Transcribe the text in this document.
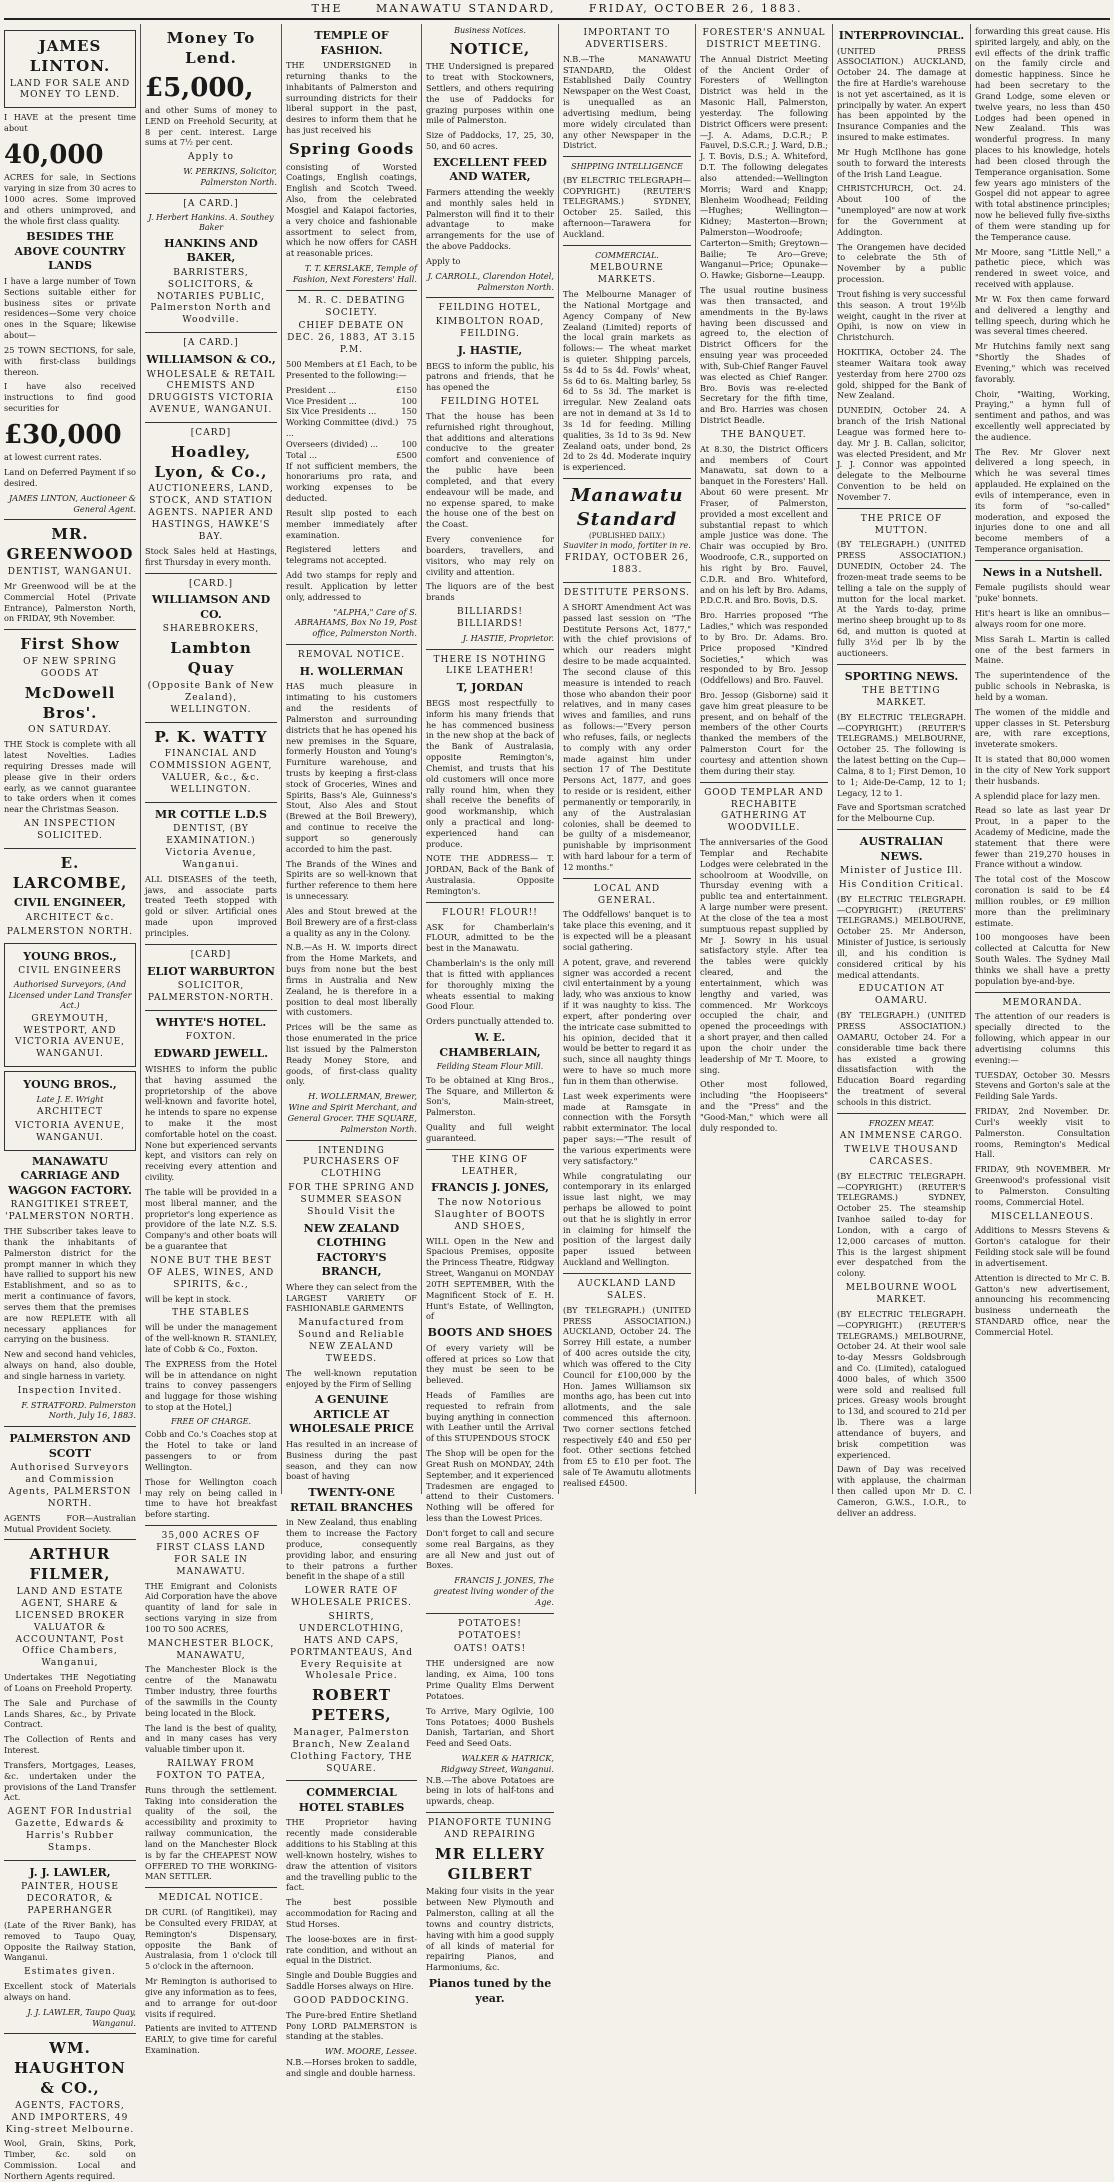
THE	MANAWATU STANDARD,	FRIDAY, OCTOBER 26, 1883.
JAMES LINTON.
LAND FOR SALE AND MONEY TO LEND.
I HAVE at the present time about
40,000
ACRES for sale, in Sections varying in size from 30 acres to 1000 acres. Some improved and others unimproved, and the whole first class quality.
BESIDES THE ABOVE COUNTRY LANDS
I have a large number of Town Sections suitable either for business sites or private residences—Some very choice ones in the Square; likewise about—
25 TOWN SECTIONS, for sale, with first-class buildings thereon.
I have also received instructions to find good securities for
£30,000
at lowest current rates.
Land on Deferred Payment if so desired.
JAMES LINTON, Auctioneer & General Agent.
MR. GREENWOOD
DENTIST, WANGANUI.
Mr Greenwood will be at the Commercial Hotel (Private Entrance), Palmerston North, on FRIDAY, 9th November.
First Show
OF NEW SPRING GOODS AT
McDowell Bros'.
ON SATURDAY.
THE Stock is complete with all latest Novelties. Ladies requiring Dresses made will please give in their orders early, as we cannot guarantee to take orders when it comes near the Christmas Season.
AN INSPECTION SOLICITED.
E. LARCOMBE,
CIVIL ENGINEER,
ARCHITECT &c.
PALMERSTON NORTH.
YOUNG BROS.,
CIVIL ENGINEERS
Authorised Surveyors, (And Licensed under Land Transfer Act.)
GREYMOUTH, WESTPORT, AND VICTORIA AVENUE, WANGANUI.
YOUNG BROS.,
Late J. E. Wright
ARCHITECT
VICTORIA AVENUE, WANGANUI.
MANAWATU CARRIAGE AND WAGGON FACTORY.
RANGITIKEI STREET, 'PALMERSTON NORTH.
THE Subscriber takes leave to thank the inhabitants of Palmerston district for the prompt manner in which they have rallied to support his new Establishment, and so as to merit a continuance of favors, serves them that the premises are now REPLETE with all necessary appliances for carrying on the business.
New and second hand vehicles, always on hand, also double, and single harness in variety.
Inspection Invited.
F. STRATFORD. Palmerston North, July 16, 1883.
PALMERSTON AND SCOTT
Authorised Surveyors and Commission Agents, PALMERSTON NORTH.
AGENTS FOR—Australian Mutual Provident Society.
ARTHUR FILMER,
LAND AND ESTATE AGENT, SHARE & LICENSED BROKER VALUATOR & ACCOUNTANT, Post Office Chambers, Wanganui,
Undertakes THE Negotiating of Loans on Freehold Property.
The Sale and Purchase of Lands Shares, &c., by Private Contract.
The Collection of Rents and Interest.
Transfers, Mortgages, Leases, &c. undertaken under the provisions of the Land Transfer Act.
AGENT FOR Industrial Gazette, Edwards & Harris's Rubber Stamps.
J. J. LAWLER,
PAINTER, HOUSE DECORATOR, & PAPERHANGER
(Late of the River Bank), has removed to Taupo Quay, Opposite the Railway Station, Wanganui.
Estimates given.
Excellent stock of Materials always on hand.
J. J. LAWLER, Taupo Quay, Wanganui.
WM. HAUGHTON & CO.,
AGENTS, FACTORS, AND IMPORTERS, 49 King-street Melbourne.
Wool, Grain, Skins, Pork, Timber, &c. sold on Commission. Local and Northern Agents required.
Money To Lend.
£5,000,
and other Sums of money to LEND on Freehold Security, at 8 per cent. interest. Large sums at 7½ per cent.
Apply to
W. PERKINS, Solicitor, Palmerston North.
[A CARD.]
J. Herbert Hankins. A. Southey Baker
HANKINS AND BAKER,
BARRISTERS, SOLICITORS, & NOTARIES PUBLIC, Palmerston North and Woodville.
[A CARD.]
WILLIAMSON & CO.,
WHOLESALE & RETAIL CHEMISTS AND DRUGGISTS VICTORIA AVENUE, WANGANUI.
[CARD]
Hoadley, Lyon, & Co.,
AUCTIONEERS, LAND, STOCK, AND STATION AGENTS. NAPIER AND HASTINGS, HAWKE'S BAY.
Stock Sales held at Hastings, first Thursday in every month.
[CARD.]
WILLIAMSON AND CO.
SHAREBROKERS,
Lambton Quay
(Opposite Bank of New Zealand), WELLINGTON.
P. K. WATTY
FINANCIAL AND COMMISSION AGENT, VALUER, &c., &c. WELLINGTON.
MR COTTLE L.D.S
DENTIST, (BY EXAMINATION.) Victoria Avenue, Wanganui.
ALL DISEASES of the teeth, jaws, and associate parts treated Teeth stopped with gold or silver. Artificial ones made upon improved principles.
[CARD]
ELIOT WARBURTON
SOLICITOR, PALMERSTON-NORTH.
WHYTE'S HOTEL.
FOXTON.
EDWARD JEWELL.
WISHES to inform the public that having assumed the proprietorship of the above well-known and favorite hotel, he intends to spare no expense to make it the most comfortable hotel on the coast. None but experienced servants kept, and visitors can rely on receiving every attention and civility.
The table will be provided in a most liberal manner, and the proprietor's long experience as providore of the late N.Z. S.S. Company's and other boats will be a guarantee that
NONE BUT THE BEST OF ALES, WINES, AND SPIRITS, &c.,
will be kept in stock.
THE STABLES
will be under the management of the well-known R. STANLEY, late of Cobb & Co., Foxton.
The EXPRESS from the Hotel will be in attendance on night trains to convey passengers and luggage for those wishing to stop at the Hotel,]
FREE OF CHARGE.
Cobb and Co.'s Coaches stop at the Hotel to take or land passengers to or from Wellington.
Those for Wellington coach may rely on being called in time to have hot breakfast before starting.
35,000 ACRES OF FIRST CLASS LAND FOR SALE IN MANAWATU.
THE Emigrant and Colonists Aid Corporation have the above quantity of land for sale in sections varying in size from 100 TO 500 ACRES,
MANCHESTER BLOCK, MANAWATU,
The Manchester Block is the centre of the Manawatu Timber industry, three fourths of the sawmills in the County being located in the Block.
The land is the best of quality, and in many cases has very valuable timber upon it.
RAILWAY FROM FOXTON TO PATEA,
Runs through the settlement. Taking into consideration the quality of the soil, the accessibility and proximity to railway communication, the land on the Manchester Block is by far the CHEAPEST NOW OFFERED TO THE WORKING-MAN SETTLER.
MEDICAL NOTICE.
DR CURL (of Rangitikei), may be Consulted every FRIDAY, at Remington's Dispensary, opposite the Bank of Australasia, from 1 o'clock till 5 o'clock in the afternoon.
Mr Remington is authorised to give any information as to fees, and to arrange for out-door visits if required.
Patients are invited to ATTEND EARLY, to give time for careful Examination.
TEMPLE OF FASHION.
THE UNDERSIGNED in returning thanks to the inhabitants of Palmerston and surrounding districts for their liberal support in the past, desires to inform them that he has just received his
Spring Goods
consisting of Worsted Coatings, English coatings, English and Scotch Tweed. Also, from the celebrated Mosgiel and Kaiapoi factories, a very choice and fashionable assortment to select from, which he now offers for CASH at reasonable prices.
T. T. KERSLAKE, Temple of Fashion, Next Foresters' Hall.
M. R. C. DEBATING SOCIETY.
CHIEF DEBATE ON DEC. 26, 1883, AT 3.15 P.M.
500 Members at £1 Each, to be Presented to the following:—
President ...	£150
Vice President ...	100
Six Vice Presidents ...	150
Working Committee (divd.) ...
75
Overseers (divided) ...	100
Total ...	£500
If not sufficient members, the honorariums pro rata, and working expenses to be deducted.
Result slip posted to each member immediately after examination.
Registered letters and telegrams not accepted.
Add two stamps for reply and result. Application by letter only, addressed to
"ALPHA," Care of S. ABRAHAMS, Box No 19, Post office, Palmerston North.
REMOVAL NOTICE.
H. WOLLERMAN
HAS much pleasure in intimating to his customers and the residents of Palmerston and surrounding districts that he has opened his new premises in the Square, formerly Houston and Young's Furniture warehouse, and trusts by keeping a first-class stock of Groceries, Wines and Spirits, Bass's Ale, Guinness's Stout, Also Ales and Stout (Brewed at the Boil Brewery), and continue to receive the support so generously accorded to him the past.
The Brands of the Wines and Spirits are so well-known that further reference to them here is unnecessary.
Ales and Stout brewed at the Boil Brewery are of a first-class a quality as any in the Colony.
N.B.—As H. W. imports direct from the Home Markets, and buys from none but the best firms in Australia and New Zealand, he is therefore in a position to deal most liberally with customers.
Prices will be the same as those enumerated in the price list issued by the Palmerston Ready Money Store, and goods, of first-class quality only.
H. WOLLERMAN, Brewer, Wine and Spirit Merchant, and General Grocer. THE SQUARE, Palmerston North.
INTENDING PURCHASERS OF CLOTHING
FOR THE SPRING AND SUMMER SEASON Should Visit the
NEW ZEALAND CLOTHING FACTORY'S BRANCH,
Where they can select from the LARGEST VARIETY OF FASHIONABLE GARMENTS
Manufactured from Sound and Reliable NEW ZEALAND TWEEDS.
The well-known reputation enjoyed by the Firm of Selling
A GENUINE ARTICLE AT WHOLESALE PRICE
Has resulted in an increase of Business during the past season, and they can now boast of having
TWENTY-ONE RETAIL BRANCHES
in New Zealand, thus enabling them to increase the Factory produce, consequently providing labor, and ensuring to their patrons a further benefit in the shape of a still
LOWER RATE OF WHOLESALE PRICES.
SHIRTS, UNDERCLOTHING, HATS AND CAPS, PORTMANTEAUS, And Every Requisite at Wholesale Price.
ROBERT PETERS,
Manager, Palmerston Branch, New Zealand Clothing Factory, THE SQUARE.
COMMERCIAL HOTEL STABLES
THE Proprietor having recently made considerable additions to his Stabling at this well-known hostelry, wishes to draw the attention of visitors and the travelling public to the fact.
The best possible accommodation for Racing and Stud Horses.
The loose-boxes are in first-rate condition, and without an equal in the District.
Single and Double Buggies and Saddle Horses always on Hire.
GOOD PADDOCKING.
The Pure-bred Entire Shetland Pony LORD PALMERSTON is standing at the stables.
WM. MOORE, Lessee.
N.B.—Horses broken to saddle, and single and double harness.
Business Notices.
NOTICE,
THE Undersigned is prepared to treat with Stockowners, Settlers, and others requiring the use of Paddocks for grazing purposes within one mile of Palmerston.
Size of Paddocks, 17, 25, 30, 50, and 60 acres.
EXCELLENT FEED AND WATER,
Farmers attending the weekly and monthly sales held in Palmerston will find it to their advantage to make arrangements for the use of the above Paddocks.
Apply to
J. CARROLL, Clarendon Hotel, Palmerston North.
FEILDING HOTEL,
KIMBOLTON ROAD, FEILDING.
J. HASTIE,
BEGS to inform the public, his patrons and friends, that he has opened the
FEILDING HOTEL
That the house has been refurnished right throughout, that additions and alterations conducive to the greater comfort and convenience of the public have been completed, and that every endeavour will be made, and no expense spared, to make the house one of the best on the Coast.
Every convenience for boarders, travellers, and visitors, who may rely on civility and attention.
The liquors are of the best brands
BILLIARDS! BILLIARDS!
J. HASTIE, Proprietor.
THERE IS NOTHING LIKE LEATHER!
T, JORDAN
BEGS most respectfully to inform his many friends that he has commenced business in the new shop at the back of the Bank of Australasia, opposite Remington's, Chemist, and trusts that his old customers will once more rally round him, when they shall receive the benefits of good workmanship, which only a practical and long-experienced hand can produce.
NOTE THE ADDRESS— T. JORDAN, Back of the Bank of Australasia. Opposite Remington's.
FLOUR! FLOUR!!
ASK for Chamberlain's FLOUR, admitted to be the best in the Manawatu.
Chamberlain's is the only mill that is fitted with appliances for thoroughly mixing the wheats essential to making Good Flour.
Orders punctually attended to.
W. E. CHAMBERLAIN,
Feilding Steam Flour Mill.
To be obtained at King Bros., The Square, and Millerton & Son's, Main-street, Palmerston.
Quality and full weight guaranteed.
THE KING OF LEATHER,
FRANCIS J. JONES,
The now Notorious Slaughter of BOOTS AND SHOES,
WILL Open in the New and Spacious Premises, opposite the Princess Theatre, Ridgway Street, Wanganui on MONDAY 20TH SEPTEMBER, With the Magnificent Stock of E. H. Hunt's Estate, of Wellington, of
BOOTS AND SHOES
Of every variety will be offered at prices so Low that they must be seen to be believed.
Heads of Families are requested to refrain from buying anything in connection with Leather until the Arrival of this STUPENDOUS STOCK
The Shop will be open for the Great Rush on MONDAY, 24th September, and it experienced Tradesmen are engaged to attend to their Customers. Nothing will be offered for less than the Lowest Prices.
Don't forget to call and secure some real Bargains, as they are all New and just out of Boxes.
FRANCIS J. JONES, The greatest living wonder of the Age.
POTATOES! POTATOES!
OATS! OATS!
THE undersigned are now landing, ex Aima, 100 tons Prime Quality Elms Derwent Potatoes.
To Arrive, Mary Ogilvie, 100 Tons Potatoes; 4000 Bushels Danish, Tartarian, and Short Feed and Seed Oats.
WALKER & HATRICK, Ridgway Street, Wanganui.
N.B.—The above Potatoes are being in lots of half-tons and upwards, cheap.
PIANOFORTE TUNING AND REPAIRING
MR ELLERY GILBERT
Making four visits in the year between New Plymouth and Palmerston, calling at all the towns and country districts, having with him a good supply of all kinds of material for repairing Pianos, and Harmoniums, &c.
Pianos tuned by the year.
IMPORTANT TO ADVERTISERS.
N.B.—The MANAWATU STANDARD, the Oldest Established Daily Country Newspaper on the West Coast, is unequalled as an advertising medium, being more widely circulated than any other Newspaper in the District.
SHIPPING INTELLIGENCE
(BY ELECTRIC TELEGRAPH—COPYRIGHT.) (REUTER'S TELEGRAMS.) SYDNEY, October 25. Sailed, this afternoon—Tarawera for Auckland.
COMMERCIAL.
MELBOURNE MARKETS.
The Melbourne Manager of the National Mortgage and Agency Company of New Zealand (Limited) reports of the local grain markets as follows:— The wheat market is quieter. Shipping parcels, 5s 4d to 5s 4d. Fowls' wheat, 5s 6d to 6s. Malting barley, 5s 6d to 5s 3d. The market is irregular. New Zealand oats are not in demand at 3s 1d to 3s 1d for feeding. Milling qualities, 3s 1d to 3s 9d. New Zealand oats, under bond, 2s 2d to 2s 4d. Moderate inquiry is experienced.
Manawatu Standard
(PUBLISHED DAILY.)
Suaviter in modo, fortiter in re.
FRIDAY, OCTOBER 26, 1883.
DESTITUTE PERSONS.
A SHORT Amendment Act was passed last session on "The Destitute Persons Act, 1877," with the chief provisions of which our readers might desire to be made acquainted. The second clause of this measure is intended to reach those who abandon their poor relatives, and in many cases wives and families, and runs as follows:—"Every person who refuses, fails, or neglects to comply with any order made against him under section 17 of The Destitute Persons Act, 1877, and goes to reside or is resident, either permanently or temporarily, in any of the Australasian colonies, shall be deemed to be guilty of a misdemeanor, punishable by imprisonment with hard labour for a term of 12 months."
LOCAL AND GENERAL.
The Oddfellows' banquet is to take place this evening, and it is expected will be a pleasant social gathering.
A potent, grave, and reverend signer was accorded a recent civil entertainment by a young lady, who was anxious to know if it was naughty to kiss. The expert, after pondering over the intricate case submitted to his opinion, decided that it would be better to regard it as such, since all naughty things were to have so much more fun in them than otherwise.
Last week experiments were made at Ramsgate in connection with the Forsyth rabbit exterminator. The local paper says:—"The result of the various experiments were very satisfactory."
While congratulating our contemporary in its enlarged issue last night, we may perhaps be allowed to point out that he is slightly in error in claiming for himself the position of the largest daily paper issued between Auckland and Wellington.
AUCKLAND LAND SALES.
(BY TELEGRAPH.) (UNITED PRESS ASSOCIATION.) AUCKLAND, October 24. The Sorrey Hill estate, a number of 400 acres outside the city, which was offered to the City Council for £100,000 by the Hon. James Williamson six months ago, has been cut into allotments, and the sale commenced this afternoon. Two corner sections fetched respectively £40 and £50 per foot. Other sections fetched from £5 to £10 per foot. The sale of Te Awamutu allotments realised £4500.
FORESTER'S ANNUAL DISTRICT MEETING.
The Annual District Meeting of the Ancient Order of Foresters of Wellington District was held in the Masonic Hall, Palmerston, yesterday. The following District Officers were present:—J. A. Adams, D.C.R.; P. Fauvel, D.S.C.R.; J. Ward, D.B.; J. T. Bovis, D.S.; A. Whiteford, D.T. The following delegates also attended:—Wellington Morris; Ward and Knapp; Blenheim Woodhead; Feilding—Hughes; Wellington—Kidney; Masterton—Brown; Palmerston—Woodroofe; Carterton—Smith; Greytown—Bailie; Te Aro—Greve; Wanganui—Price; Opunake—O. Hawke; Gisborne—Leaupp.
The usual routine business was then transacted, and amendments in the By-laws having been discussed and agreed to, the election of District Officers for the ensuing year was proceeded with, Sub-Chief Ranger Fauvel was elected as Chief Ranger. Bro. Bovis was re-elected Secretary for the fifth time, and Bro. Harries was chosen District Beadle.
THE BANQUET.
At 8.30, the District Officers and members of Court Manawatu, sat down to a banquet in the Foresters' Hall. About 60 were present. Mr Fraser, of Palmerston, provided a most excellent and substantial repast to which ample justice was done. The Chair was occupied by Bro. Woodroofe, C.R., supported on his right by Bro. Fauvel, C.D.R. and Bro. Whiteford, and on his left by Bro. Adams, P.D.C.R. and Bro. Bovis, D.S.
Bro. Harries proposed "The Ladies," which was responded to by Bro. Dr. Adams. Bro. Price proposed "Kindred Societies," which was responded to by Bro. Jessop (Oddfellows) and Bro. Fauvel.
Bro. Jessop (Gisborne) said it gave him great pleasure to be present, and on behalf of the members of the other Courts thanked the members of the Palmerston Court for the courtesy and attention shown them during their stay.
GOOD TEMPLAR AND RECHABITE GATHERING AT WOODVILLE.
The anniversaries of the Good Templar and Rechabite Lodges were celebrated in the schoolroom at Woodville, on Thursday evening with a public tea and entertainment. A large number were present. At the close of the tea a most sumptuous repast supplied by Mr J. Sowry in his usual satisfactory style. After tea the tables were quickly cleared, and the entertainment, which was lengthy and varied, was commenced. Mr Workcoys occupied the chair, and opened the proceedings with a short prayer, and then called upon the choir under the leadership of Mr T. Moore, to sing.
Other most followed, including "the Hoopiseers" and the "Press" and the "Good-Man," which were all duly responded to.
INTERPROVINCIAL.
(UNITED PRESS ASSOCIATION.) AUCKLAND, October 24. The damage at the fire at Hardie's warehouse is not yet ascertained, as it is principally by water. An expert has been appointed by the Insurance Companies and the insured to make estimates.
Mr Hugh McIlhone has gone south to forward the interests of the Irish Land League.
CHRISTCHURCH, Oct. 24. About 100 of the "unemployed" are now at work for the Government at Addington.
The Orangemen have decided to celebrate the 5th of November by a public procession.
Trout fishing is very successful this season. A trout 19½lb weight, caught in the river at Opihi, is now on view in Christchurch.
HOKITIKA, October 24. The steamer Waitara took away yesterday from here 2700 ozs gold, shipped for the Bank of New Zealand.
DUNEDIN, October 24. A branch of the Irish National League was formed here to-day. Mr J. B. Callan, solicitor, was elected President, and Mr J. J. Connor was appointed delegate to the Melbourne Convention to be held on November 7.
THE PRICE OF MUTTON.
(BY TELEGRAPH.) (UNITED PRESS ASSOCIATION.) DUNEDIN, October 24. The frozen-meat trade seems to be telling a tale on the supply of mutton for the local market. At the Yards to-day, prime merino sheep brought up to 8s 6d, and mutton is quoted at fully 3½d per lb by the auctioneers.
SPORTING NEWS.
THE BETTING MARKET.
(BY ELECTRIC TELEGRAPH.—COPYRIGHT.) (REUTER'S TELEGRAMS.) MELBOURNE, October 25. The following is the latest betting on the Cup—Calma, 8 to 1; First Demon, 10 to 1; Aide-De-Camp, 12 to 1; Legacy, 12 to 1.
Fave and Sportsman scratched for the Melbourne Cup.
AUSTRALIAN NEWS.
Minister of Justice Ill.
His Condition Critical.
(BY ELECTRIC TELEGRAPH.—COPYRIGHT.) (REUTERS' TELEGRAMS.) MELBOURNE, October 25. Mr Anderson, Minister of Justice, is seriously ill, and his condition is considered critical by his medical attendants.
EDUCATION AT OAMARU.
(BY TELEGRAPH.) (UNITED PRESS ASSOCIATION.) OAMARU, October 24. For a considerable time back there has existed a growing dissatisfaction with the Education Board regarding the treatment of several schools in this district.
FROZEN MEAT.
AN IMMENSE CARGO.
TWELVE THOUSAND CARCASES.
(BY ELECTRIC TELEGRAPH.—COPYRIGHT.) (REUTER'S TELEGRAMS.) SYDNEY, October 25. The steamship Ivanhoe sailed to-day for London, with a cargo of 12,000 carcases of mutton. This is the largest shipment ever despatched from the colony.
MELBOURNE WOOL MARKET.
(BY ELECTRIC TELEGRAPH.—COPYRIGHT.) (REUTER'S TELEGRAMS.) MELBOURNE, October 24. At their wool sale to-day Messrs Goldsbrough and Co. (Limited), catalogued 4000 bales, of which 3500 were sold and realised full prices. Greasy wools brought to 13d, and scoured to 21d per lb. There was a large attendance of buyers, and brisk competition was experienced.
Dawn of Day was received with applause, the chairman then called upon Mr D. C. Cameron, G.W.S., I.O.R., to deliver an address.
forwarding this great cause. His spirited largely, and ably, on the evil effects of the drink traffic on the family circle and domestic happiness. Since he had been secretary to the Grand Lodge, some eleven or twelve years, no less than 450 Lodges had been opened in New Zealand. This was wonderful progress. In many places to his knowledge, hotels had been closed through the Temperance organisation. Some few years ago ministers of the Gospel did not appear to agree with total abstinence principles; now he believed fully five-sixths of them were standing up for the Temperance cause.
Mr Moore, sang "Little Nell," a pathetic piece, which was rendered in sweet voice, and received with applause.
Mr W. Fox then came forward and delivered a lengthy and telling speech, during which he was several times cheered.
Mr Hutchins family next sang "Shortly the Shades of Evening," which was received favorably.
Choir, "Waiting, Working, Praying," a hymn full of sentiment and pathos, and was excellently well appreciated by the audience.
The Rev. Mr Glover next delivered a long speech, in which he was several times applauded. He explained on the evils of intemperance, even in its form of "so-called" moderation, and exposed the injuries done to one and all become members of a Temperance organisation.
News in a Nutshell.
Female pugilists should wear 'puke' bonnets.
Hit's heart is like an omnibus—always room for one more.
Miss Sarah L. Martin is called one of the best farmers in Maine.
The superintendence of the public schools in Nebraska, is held by a woman.
The women of the middle and upper classes in St. Petersburg are, with rare exceptions, inveterate smokers.
It is stated that 80,000 women in the city of New York support their husbands.
A splendid place for lazy men.
Read so late as last year Dr Prout, in a paper to the Academy of Medicine, made the statement that there were fewer than 219,270 houses in France without a window.
The total cost of the Moscow coronation is said to be £4 million roubles, or £9 million more than the preliminary estimate.
100 mongooses have been collected at Calcutta for New South Wales. The Sydney Mail thinks we shall have a pretty population bye-and-bye.
MEMORANDA.
The attention of our readers is specially directed to the following, which appear in our advertising columns this evening:—
TUESDAY, October 30. Messrs Stevens and Gorton's sale at the Feilding Sale Yards.
FRIDAY, 2nd November. Dr. Curl's weekly visit to Palmerston. Consultation rooms, Remington's Medical Hall.
FRIDAY, 9th NOVEMBER. Mr Greenwood's professional visit to Palmerston. Consulting rooms, Commercial Hotel.
MISCELLANEOUS.
Additions to Messrs Stevens & Gorton's catalogue for their Feilding stock sale will be found in advertisement.
Attention is directed to Mr C. B. Gatton's new advertisement, announcing his recommencing business underneath the STANDARD office, near the Commercial Hotel.
